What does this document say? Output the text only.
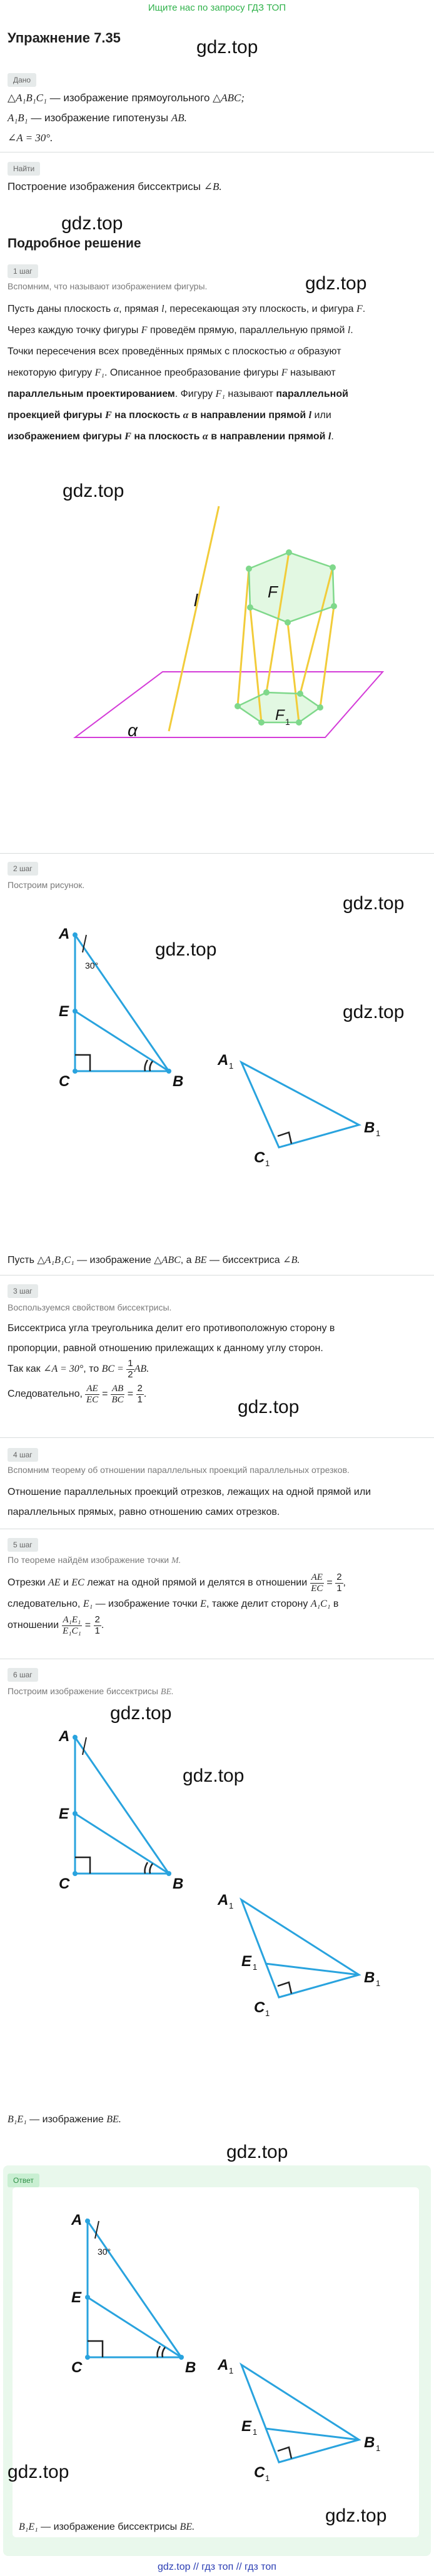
Ищите нас по запросу ГДЗ ТОП
Упражнение 7.35	gdz.top
Дано
△A₁B₁C₁ — изображение прямоугольного △ABC;
A₁B₁ — изображение гипотенузы AB.
∠A = 30°.
Найти
Построение изображения биссектрисы ∠B.
gdz.top
Подробное решение
1 шаг
gdz.top
Вспомним, что называют изображением фигуры.
Пусть даны плоскость α, прямая l, пересекающая эту плоскость, и фигура F.
Через каждую точку фигуры F проведём прямую, параллельную прямой l.
Точки пересечения всех проведённых прямых с плоскостью α образуют
некоторую фигуру F₁. Описанное преобразование фигуры F называют
параллельным проектированием. Фигуру F₁ называют параллельной
проекцией фигуры F на плоскость α в направлении прямой l или
изображением фигуры F на плоскость α в направлении прямой l.
gdz.top
F
F 1
l
α
2 шаг
Построим рисунок.
gdz.top
gdz.top
gdz.top
A
E
C	B
30°
A 1
B 1
C 1
Пусть △A₁B₁C₁ — изображение △ABC, а BE — биссектриса ∠B.
3 шаг
Воспользуемся свойством биссектрисы.
Биссектриса угла треугольника делит его противоположную сторону в
пропорции, равной отношению прилежащих к данному углу сторон.
Так как ∠A = 30°, то BC = $\frac{1}{2}$ AB.
Следовательно, $\frac{AE}{EC} = \frac{AB}{BC} = \frac{2}{1}$ .
gdz.top
4 шаг
Вспомним теорему об отношении параллельных проекций параллельных отрезков.
Отношение параллельных проекций отрезков, лежащих на одной прямой или
параллельных прямых, равно отношению самих отрезков.
5 шаг
По теореме найдём изображение точки M.
Отрезки AE и EC лежат на одной прямой и делятся в отношении $\frac{AE}{EC} = \frac{2}{1}$ ,
следовательно, E₁ — изображение точки E, также делит сторону A₁C₁ в
отношении $\frac{\text{A₁E₁}}{\text{E₁C₁}} = \frac{2}{1}$ .
6 шаг
Построим изображение биссектрисы BE.
gdz.top
gdz.top
A
E
C	B
A 1
E 1
B 1
C 1
B₁E₁ — изображение BE.
gdz.top
Ответ
A
E
C	B
30°
A 1
E 1
B 1
C 1
gdz.top
gdz.top
B₁E₁ — изображение биссектрисы BE.
gdz.top // гдз топ // гдз топ
